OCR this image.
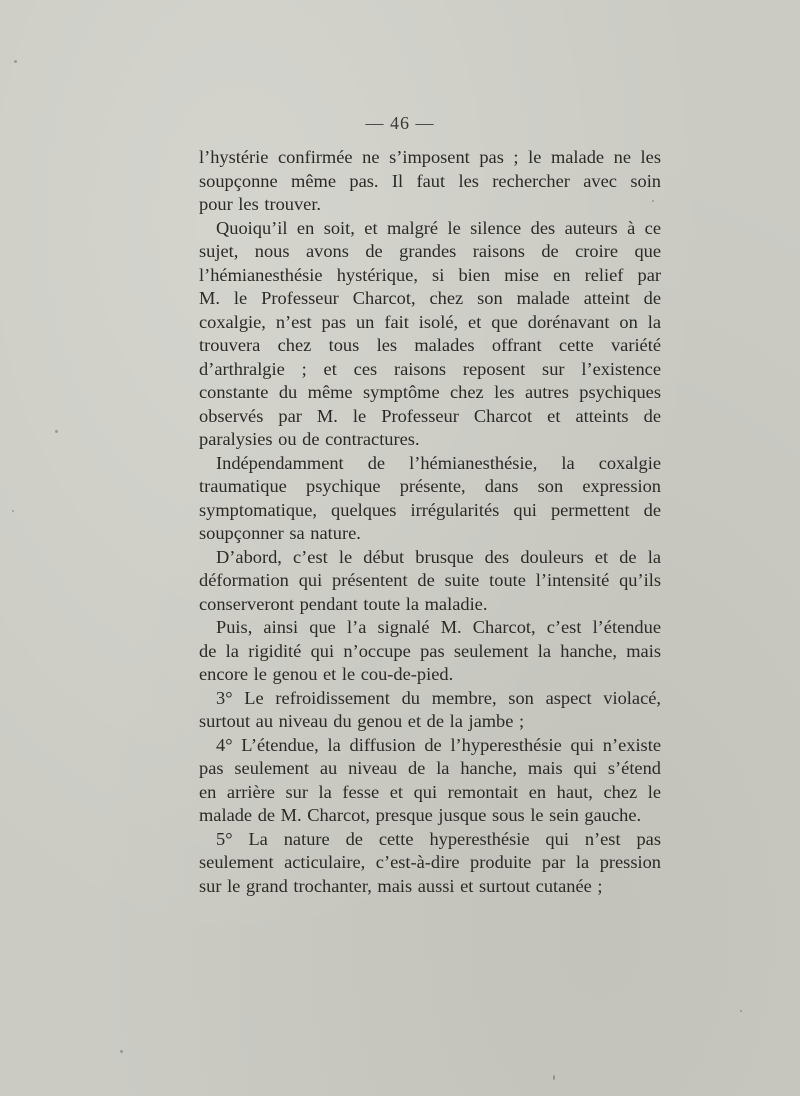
— 46 —

l’hystérie confirmée ne s’imposent pas ; le malade ne les
soupçonne même pas. Il faut les rechercher avec soin
pour les trouver.

Quoiqu’il en soit, et malgré le silence des auteurs à ce
sujet, nous avons de grandes raisons de croire que
l’hémianesthésie hystérique, si bien mise en relief par
M. le Professeur Charcot, chez son malade atteint de
coxalgie, n’est pas un fait isolé, et que dorénavant on la
trouvera chez tous les malades offrant cette variété
d’arthralgie ; et ces raisons reposent sur l’existence
constante du même symptôme chez les autres psychiques
observés par M. le Professeur Charcot et atteints de
paralysies ou de contractures.

Indépendamment de l’hémianesthésie, la coxalgie
traumatique psychique présente, dans son expression
symptomatique, quelques irrégularités qui permettent de
soupçonner sa nature.

D’abord, c’est le début brusque des douleurs et de la
déformation qui présentent de suite toute l’intensité qu’ils
conserveront pendant toute la maladie.

Puis, ainsi que l’a signalé M. Charcot, c’est l’étendue
de la rigidité qui n’occupe pas seulement la hanche, mais
encore le genou et le cou-de-pied.

3° Le refroidissement du membre, son aspect violacé,
surtout au niveau du genou et de la jambe ;

4° L’étendue, la diffusion de l’hyperesthésie qui n’existe
pas seulement au niveau de la hanche, mais qui s’étend
en arrière sur la fesse et qui remontait en haut, chez le
malade de M. Charcot, presque jusque sous le sein gauche.

5° La nature de cette hyperesthésie qui n’est pas
seulement acticulaire, c’est-à-dire produite par la pression
sur le grand trochanter, mais aussi et surtout cutanée ;
